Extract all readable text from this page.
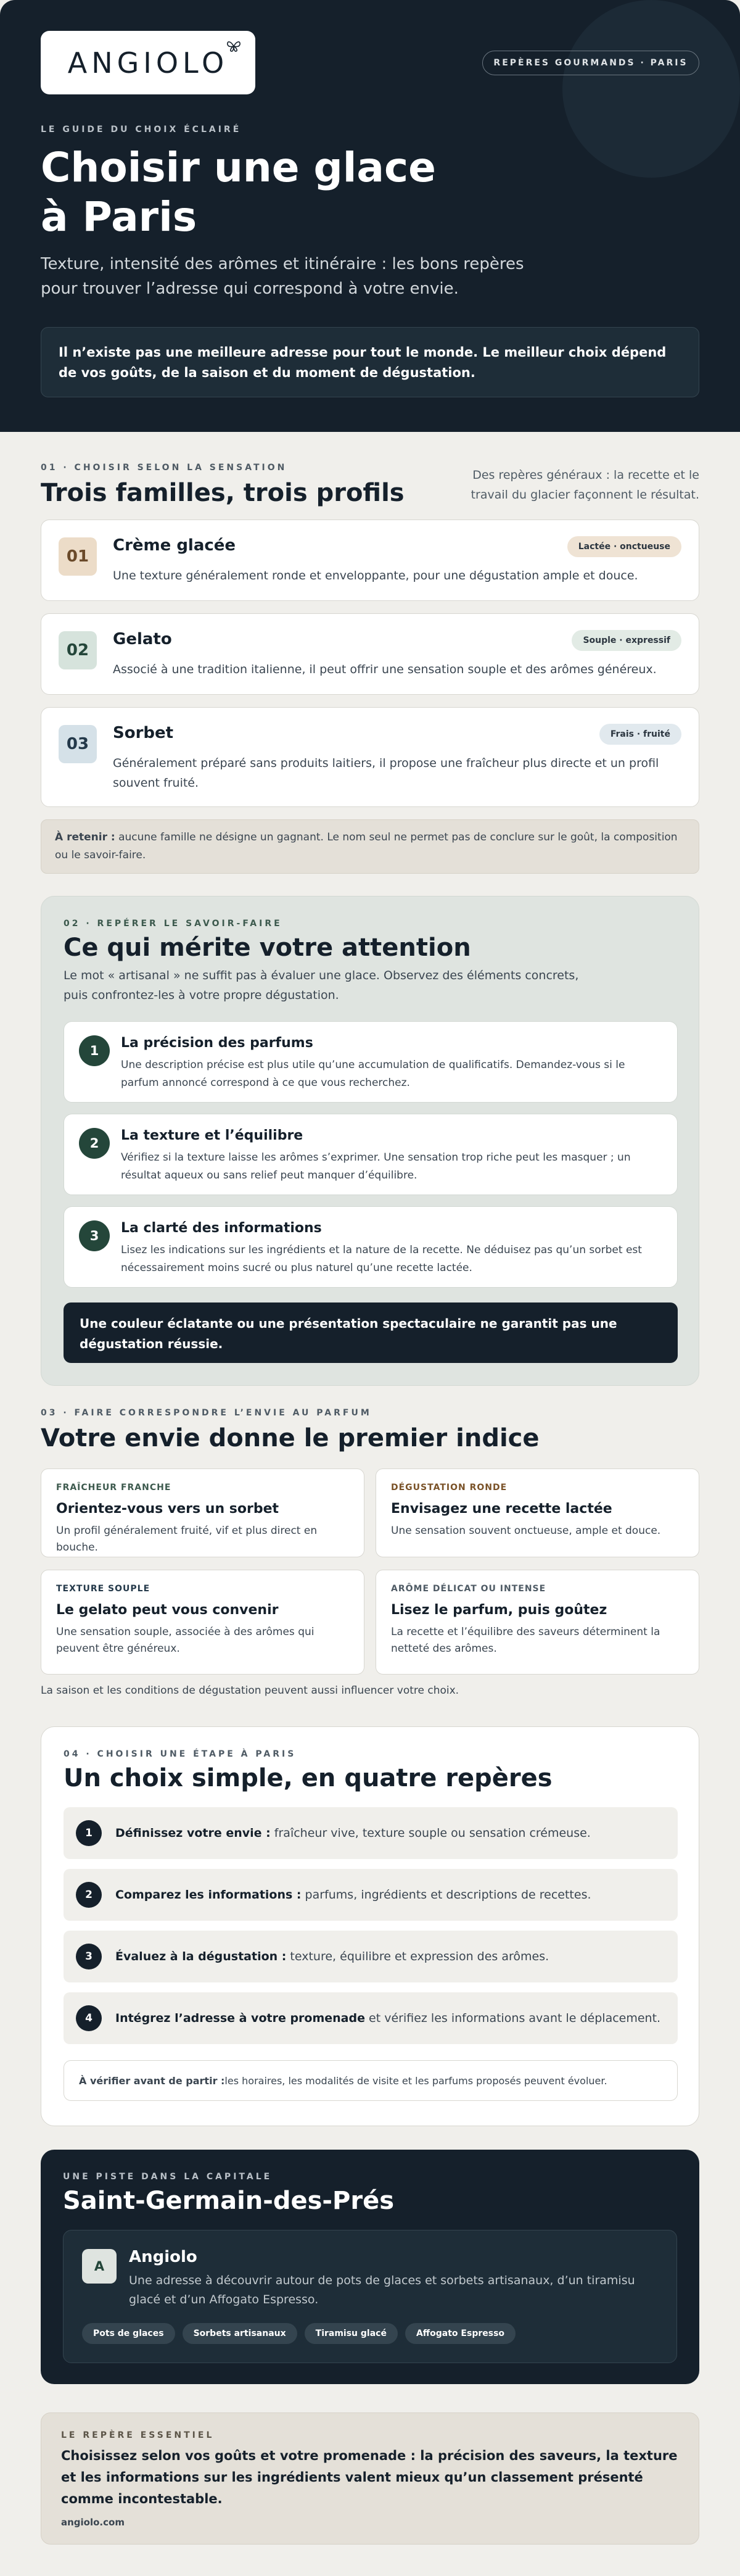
ANGIOLO	REPÈRES GOURMANDS · PARIS
LE GUIDE DU CHOIX ÉCLAIRÉ
Choisir une glace
à Paris

Texture, intensité des arômes et itinéraire : les bons repères pour trouver l’adresse qui correspond à votre envie.

Il n’existe pas une meilleure adresse pour tout le monde. Le meilleur choix dépend de vos goûts, de la saison et du moment de dégustation.
01 · CHOISIR SELON LA SENSATION
Trois familles, trois profils

Des repères généraux : la recette et le travail du glacier façonnent le résultat.

01
Crème glacée	Lactée · onctueuse
Une texture généralement ronde et enveloppante, pour une dégustation ample et douce.
02
Gelato	Souple · expressif
Associé à une tradition italienne, il peut offrir une sensation souple et des arômes généreux.
03
Sorbet	Frais · fruité
Généralement préparé sans produits laitiers, il propose une fraîcheur plus directe et un profil souvent fruité.
À retenir : aucune famille ne désigne un gagnant. Le nom seul ne permet pas de conclure sur le goût, la composition ou le savoir-faire.
02 · REPÉRER LE SAVOIR-FAIRE
Ce qui mérite votre attention

Le mot « artisanal » ne suffit pas à évaluer une glace. Observez des éléments concrets, puis confrontez-les à votre propre dégustation.

1	La précision des parfums
Une description précise est plus utile qu’une accumulation de qualificatifs. Demandez-vous si le parfum annoncé correspond à ce que vous recherchez.
2	La texture et l’équilibre
Vérifiez si la texture laisse les arômes s’exprimer. Une sensation trop riche peut les masquer ; un résultat aqueux ou sans relief peut manquer d’équilibre.
3	La clarté des informations
Lisez les indications sur les ingrédients et la nature de la recette. Ne déduisez pas qu’un sorbet est nécessairement moins sucré ou plus naturel qu’une recette lactée.
Une couleur éclatante ou une présentation spectaculaire ne garantit pas une dégustation réussie.
03 · FAIRE CORRESPONDRE L’ENVIE AU PARFUM
Votre envie donne le premier indice
FRAÎCHEUR FRANCHE
Orientez-vous vers un sorbet
Un profil généralement fruité, vif et plus direct en bouche.
DÉGUSTATION RONDE
Envisagez une recette lactée
Une sensation souvent onctueuse, ample et douce.
TEXTURE SOUPLE
Le gelato peut vous convenir
Une sensation souple, associée à des arômes qui peuvent être généreux.
ARÔME DÉLICAT OU INTENSE
Lisez le parfum, puis goûtez
La recette et l’équilibre des saveurs déterminent la netteté des arômes.

La saison et les conditions de dégustation peuvent aussi influencer votre choix.

04 · CHOISIR UNE ÉTAPE À PARIS
Un choix simple, en quatre repères
1	Définissez votre envie : fraîcheur vive, texture souple ou sensation crémeuse.
2	Comparez les informations : parfums, ingrédients et descriptions de recettes.
3	Évaluez à la dégustation : texture, équilibre et expression des arômes.
4	Intégrez l’adresse à votre promenade et vérifiez les informations avant le déplacement.
À vérifier avant de partir : les horaires, les modalités de visite et les parfums proposés peuvent évoluer.
UNE PISTE DANS LA CAPITALE
Saint-Germain-des-Prés
A	Angiolo
Une adresse à découvrir autour de pots de glaces et sorbets artisanaux, d’un tiramisu glacé et d’un Affogato Espresso.
Pots de glaces	Sorbets artisanaux	Tiramisu glacé	Affogato Espresso
LE REPÈRE ESSENTIEL

Choisissez selon vos goûts et votre promenade : la précision des saveurs, la texture et les informations sur les ingrédients valent mieux qu’un classement présenté comme incontestable.

angiolo.com
